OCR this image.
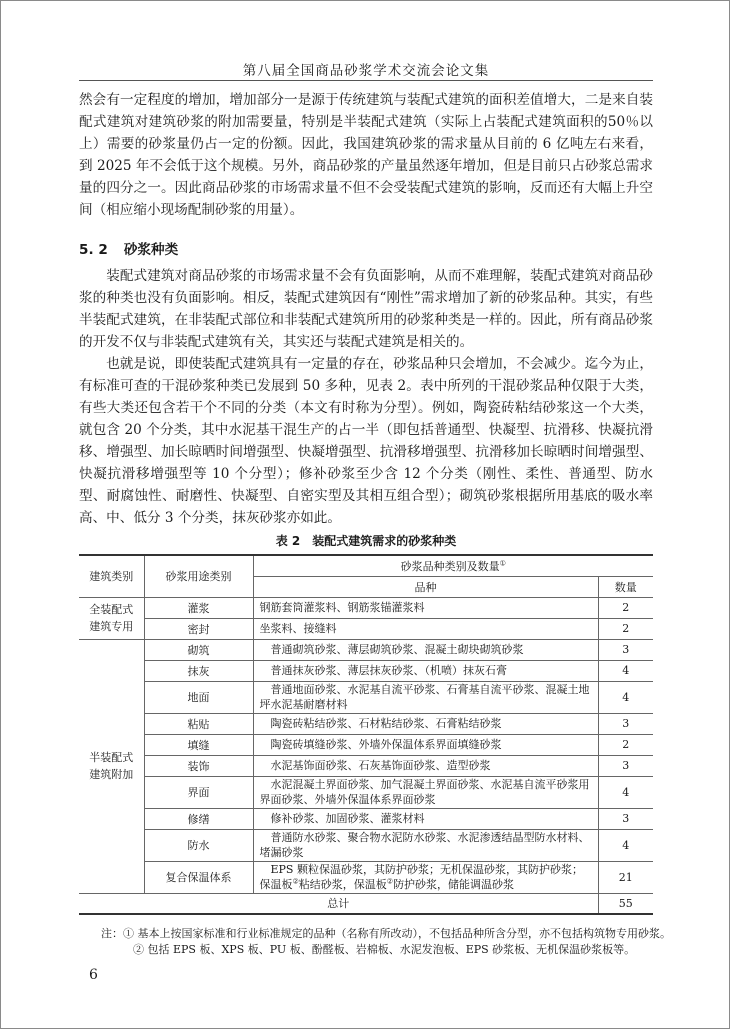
第八届全国商品砂浆学术交流会论文集

然会有一定程度的增加，增加部分一是源于传统建筑与装配式建筑的面积差值增大，二是来自装配式建筑对建筑砂浆的附加需要量，特别是半装配式建筑（实际上占装配式建筑面积的50％以上）需要的砂浆量仍占一定的份额。因此，我国建筑砂浆的需求量从目前的 6 亿吨左右来看，到 2025 年不会低于这个规模。另外，商品砂浆的产量虽然逐年增加，但是目前只占砂浆总需求量的四分之一。因此商品砂浆的市场需求量不但不会受装配式建筑的影响，反而还有大幅上升空间（相应缩小现场配制砂浆的用量）。

5. 2 砂浆种类

装配式建筑对商品砂浆的市场需求量不会有负面影响，从而不难理解，装配式建筑对商品砂浆的种类也没有负面影响。相反，装配式建筑因有“刚性”需求增加了新的砂浆品种。其实，有些半装配式建筑，在非装配式部位和非装配式建筑所用的砂浆种类是一样的。因此，所有商品砂浆的开发不仅与非装配式建筑有关，其实还与装配式建筑是相关的。

也就是说，即使装配式建筑具有一定量的存在，砂浆品种只会增加，不会减少。迄今为止，有标准可查的干混砂浆种类已发展到 50 多种，见表 2。表中所列的干混砂浆品种仅限于大类，有些大类还包含若干个不同的分类（本文有时称为分型）。例如，陶瓷砖粘结砂浆这一个大类，就包含 20 个分类，其中水泥基干混生产的占一半（即包括普通型、快凝型、抗滑移、快凝抗滑移、增强型、加长晾晒时间增强型、快凝增强型、抗滑移增强型、抗滑移加长晾晒时间增强型、快凝抗滑移增强型等 10 个分型）；修补砂浆至少含 12 个分类（刚性、柔性、普通型、防水型、耐腐蚀性、耐磨性、快凝型、自密实型及其相互组合型）；砌筑砂浆根据所用基底的吸水率高、中、低分 3 个分类，抹灰砂浆亦如此。

表 2 装配式建筑需求的砂浆种类
建筑类别	砂浆用途类别	砂浆品种类别及数量①
		品种	数量
全装配式
建筑专用	灌浆	钢筋套筒灌浆料、钢筋浆锚灌浆料	2
	密封	坐浆料、接缝料	2
半装配式
建筑附加	砌筑	普通砌筑砂浆、薄层砌筑砂浆、混凝土砌块砌筑砂浆	3
	抹灰	普通抹灰砂浆、薄层抹灰砂浆、（机喷）抹灰石膏	4
	地面	普通地面砂浆、水泥基自流平砂浆、石膏基自流平砂浆、混凝土地坪水泥基耐磨材料	4
	粘贴	陶瓷砖粘结砂浆、石材粘结砂浆、石膏粘结砂浆	3
	填缝	陶瓷砖填缝砂浆、外墙外保温体系界面填缝砂浆	2
	装饰	水泥基饰面砂浆、石灰基饰面砂浆、造型砂浆	3
	界面	水泥混凝土界面砂浆、加气混凝土界面砂浆、水泥基自流平砂浆用界面砂浆、外墙外保温体系界面砂浆	4
	修缮	修补砂浆、加固砂浆、灌浆材料	3
	防水	普通防水砂浆、聚合物水泥防水砂浆、水泥渗透结晶型防水材料、堵漏砂浆	4
	复合保温体系	EPS 颗粒保温砂浆，其防护砂浆；无机保温砂浆，其防护砂浆；保温板②粘结砂浆，保温板②防护砂浆，储能调温砂浆	21
总计			55
注：① 基本上按国家标准和行业标准规定的品种（名称有所改动），不包括品种所含分型，亦不包括构筑物专用砂浆。
② 包括 EPS 板、XPS 板、PU 板、酚醛板、岩棉板、水泥发泡板、EPS 砂浆板、无机保温砂浆板等。
6
